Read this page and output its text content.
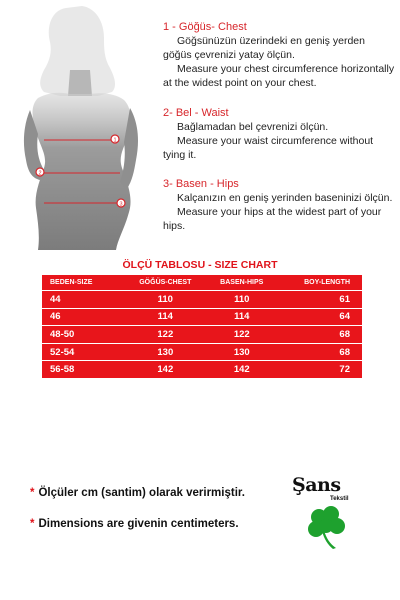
1
2
3
1 - Göğüs- Chest
Göğsünüzün üzerindeki en geniş yerden göğüs çevrenizi yatay ölçün.
Measure your chest circumference horizontally at the widest point on your chest.
2- Bel - Waist
Bağlamadan bel çevrenizi ölçün.
Measure your waist circumference without tying it.
3- Basen - Hips
Kalçanızın en geniş yerinden baseninizi ölçün.
Measure your hips at the widest part of your hips.
ÖLÇÜ TABLOSU - SIZE CHART
BEDEN-SIZE	GÖĞÜS-CHEST	BASEN-HIPS	BOY-LENGTH
44	110	110	61
46	114	114	64
48-50	122	122	68
52-54	130	130	68
56-58	142	142	72
* Ölçüler cm (santim) olarak verirmiştir.
* Dimensions are givenin centimeters.
Şans
Tekstil
